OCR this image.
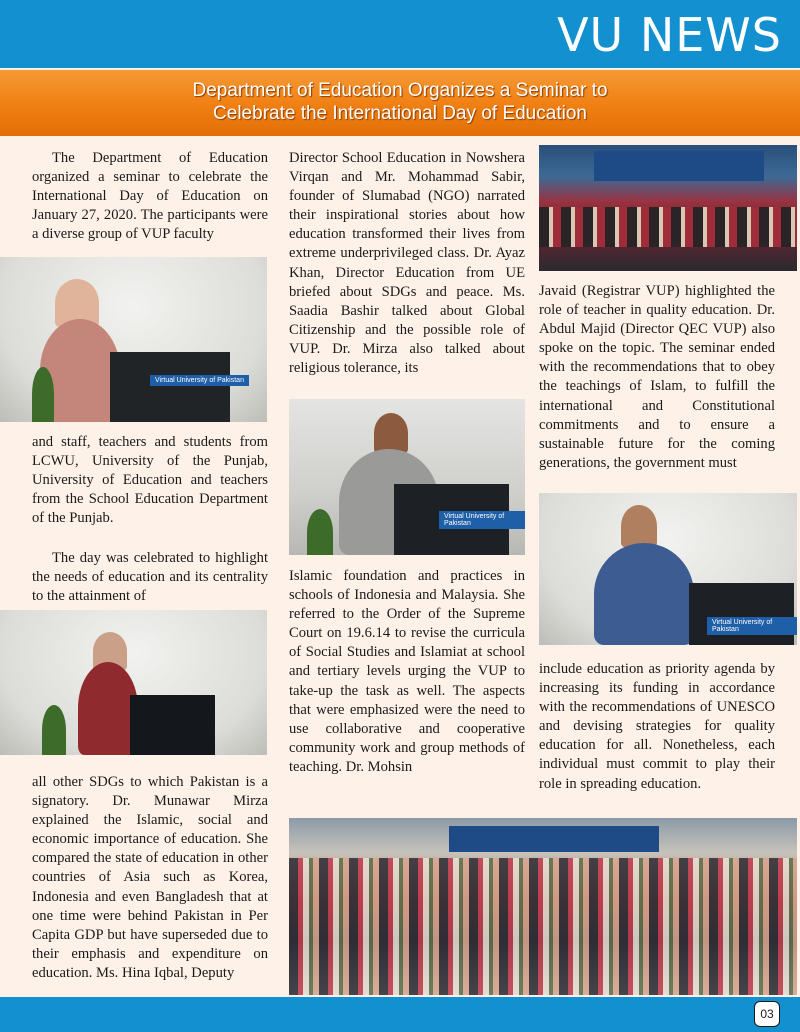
VU NEWS
Department of Education Organizes a Seminar to
Celebrate the International Day of Education

The Department of Education organized a seminar to celebrate the International Day of Education on January 27, 2020. The participants were a diverse group of VUP faculty

Virtual University of Pakistan

and staff, teachers and students from LCWU, University of the Punjab, University of Education and teachers from the School Education Department of the Punjab.

The day was celebrated to highlight the needs of education and its centrality to the attainment of

all other SDGs to which Pakistan is a signatory. Dr. Munawar Mirza explained the Islamic, social and economic importance of education. She compared the state of education in other countries of Asia such as Korea, Indonesia and even Bangladesh that at one time were behind Pakistan in Per Capita GDP but have superseded due to their emphasis and expenditure on education. Ms. Hina Iqbal, Deputy

Director School Education in Nowshera Virqan and Mr. Mohammad Sabir, founder of Slumabad (NGO) narrated their inspirational stories about how education transformed their lives from extreme underprivileged class. Dr. Ayaz Khan, Director Education from UE briefed about SDGs and peace. Ms. Saadia Bashir talked about Global Citizenship and the possible role of VUP. Dr. Mirza also talked about religious tolerance, its

Virtual University of Pakistan

Islamic foundation and practices in schools of Indonesia and Malaysia. She referred to the Order of the Supreme Court on 19.6.14 to revise the curricula of Social Studies and Islamiat at school and tertiary levels urging the VUP to take-up the task as well. The aspects that were emphasized were the need to use collaborative and cooperative community work and group methods of teaching. Dr. Mohsin

Javaid (Registrar VUP) highlighted the role of teacher in quality education. Dr. Abdul Majid (Director QEC VUP) also spoke on the topic. The seminar ended with the recommendations that to obey the teachings of Islam, to fulfill the international and Constitutional commitments and to ensure a sustainable future for the coming generations, the government must

Virtual University of Pakistan

include education as priority agenda by increasing its funding in accordance with the recommendations of UNESCO and devising strategies for quality education for all. Nonetheless, each individual must commit to play their role in spreading education.

03
